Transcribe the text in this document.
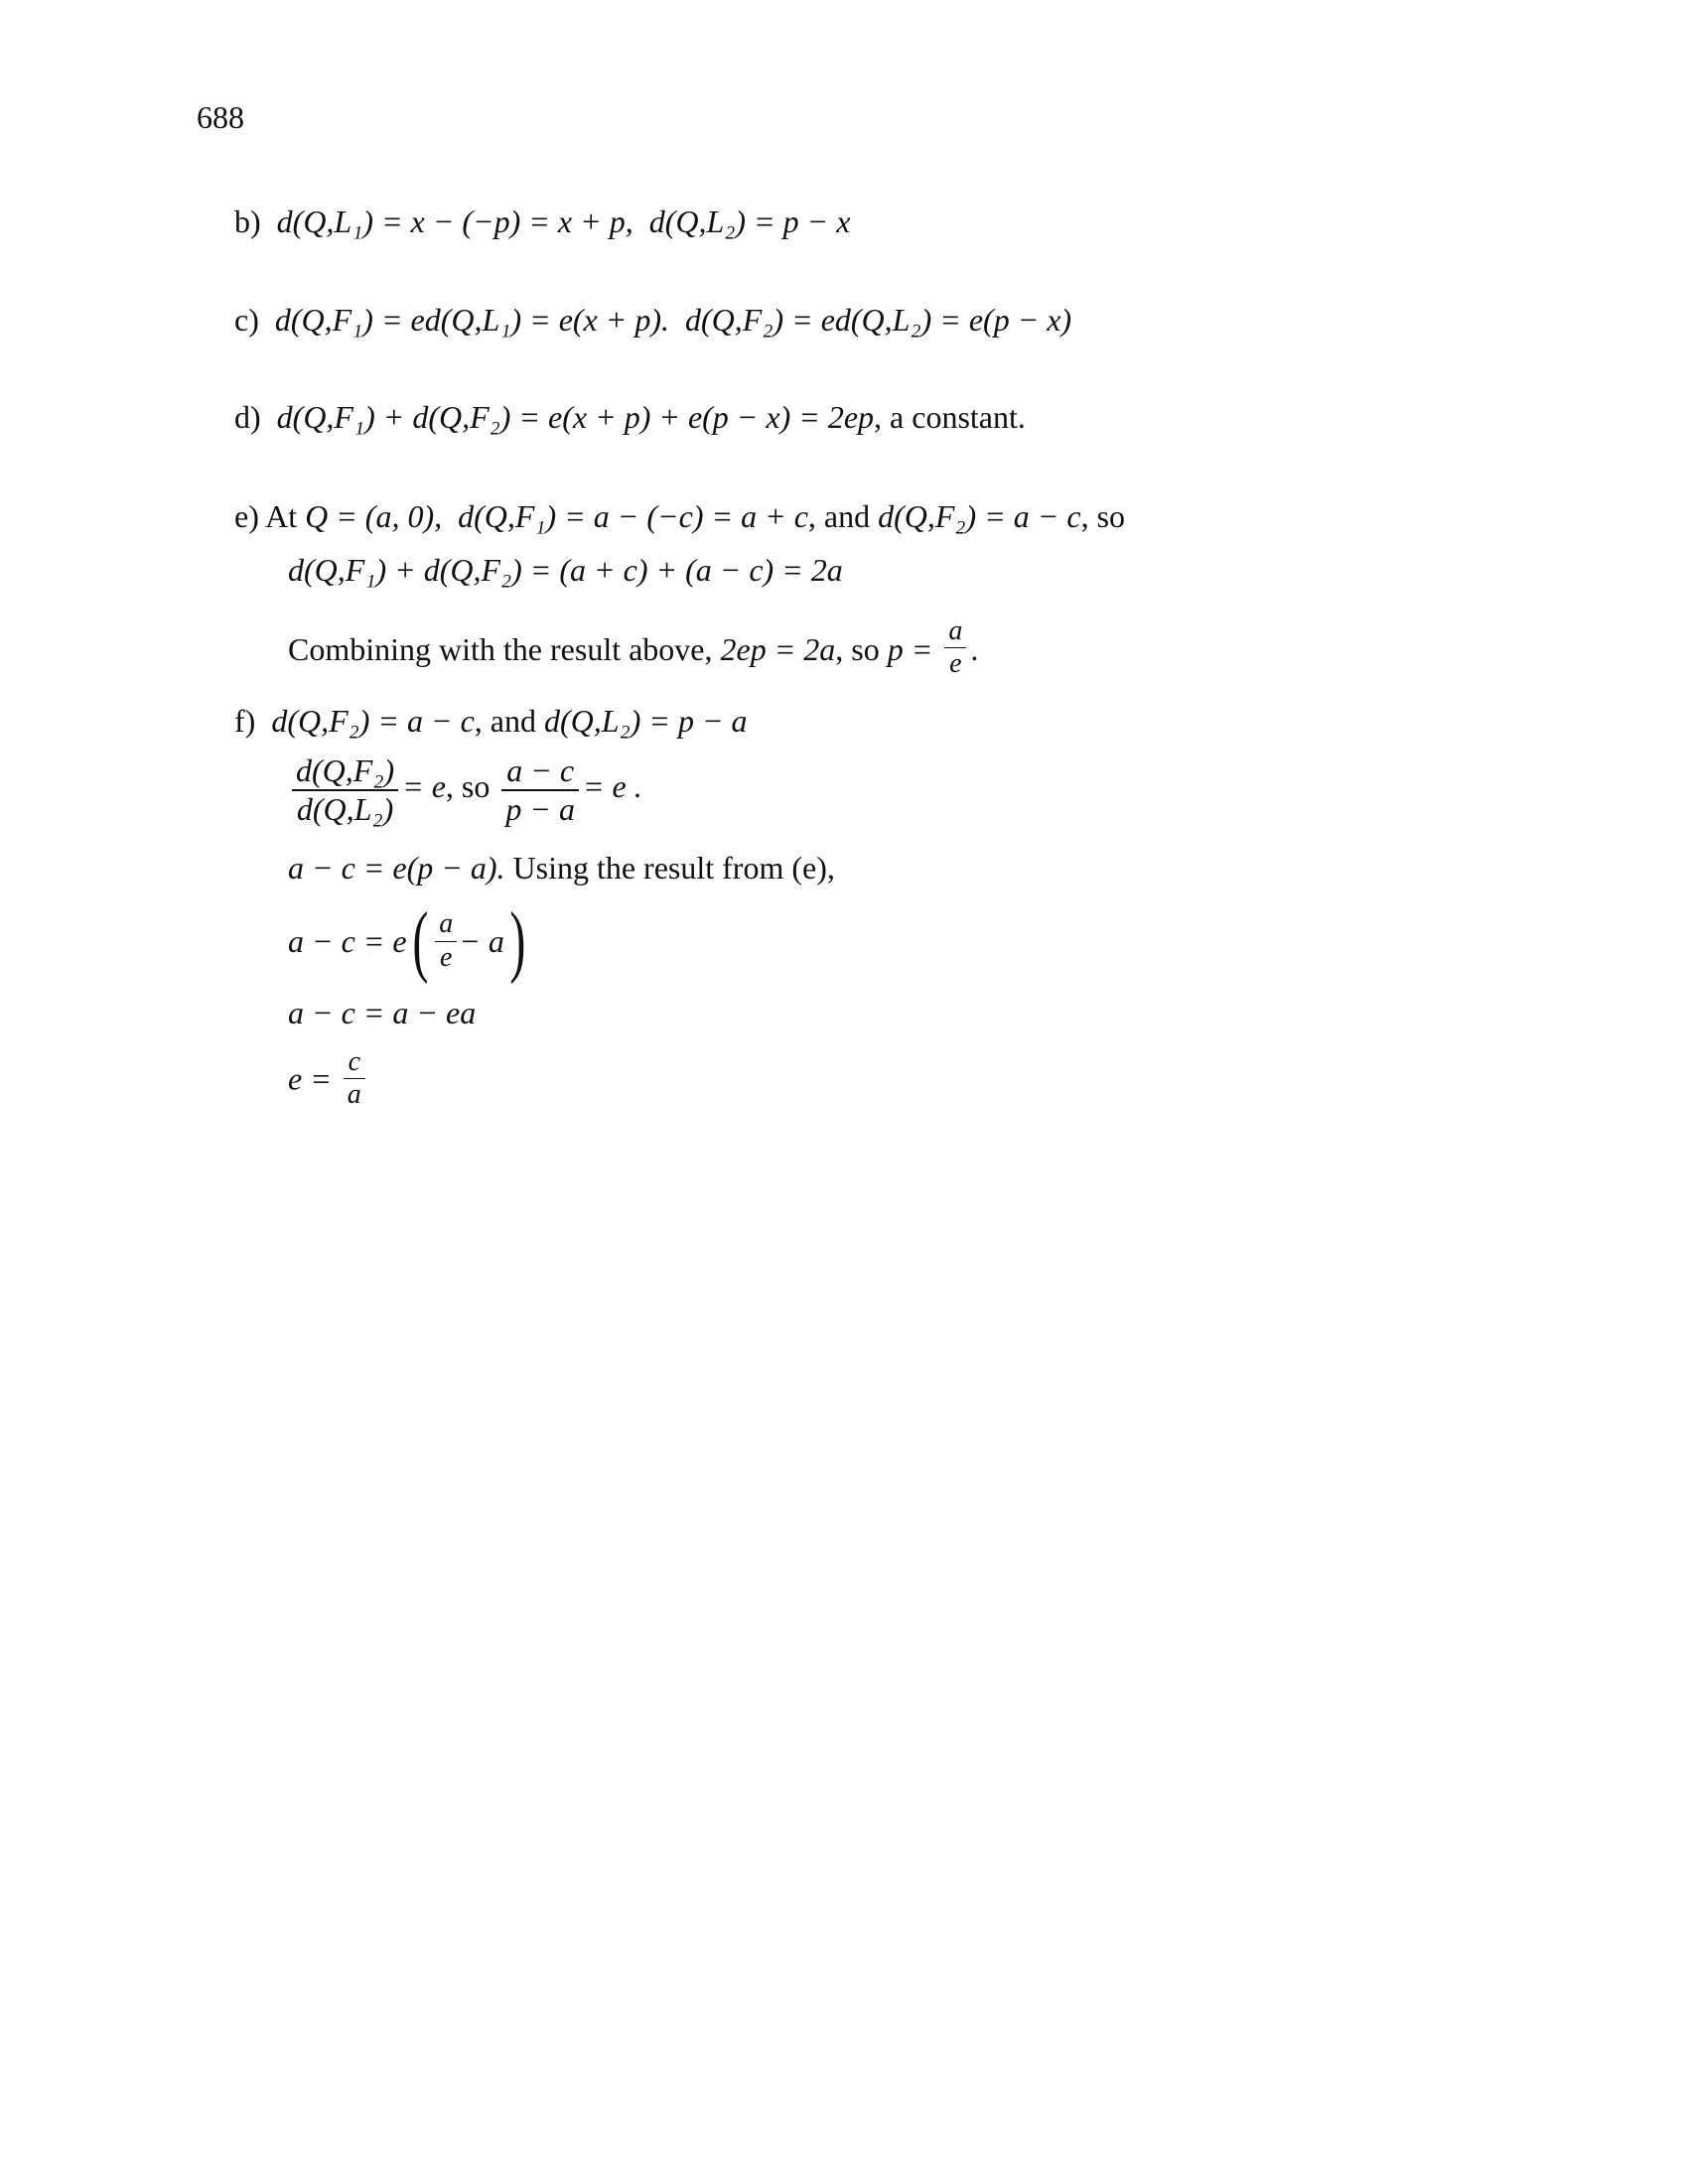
688
b) d(Q,L₁) = x − (−p) = x + p, d(Q,L₂) = p − x
c) d(Q,F₁) = ed(Q,L₁) = e(x + p). d(Q,F₂) = ed(Q,L₂) = e(p − x)
d) d(Q,F₁) + d(Q,F₂) = e(x + p) + e(p − x) = 2ep, a constant.
e) At Q = (a, 0), d(Q,F₁) = a − (−c) = a + c, and d(Q,F₂) = a − c, so
d(Q,F₁) + d(Q,F₂) = (a + c) + (a − c) = 2a
Combining with the result above, 2ep = 2a, so $p = \frac{a}{e}$ .
f) d(Q,F₂) = a − c, and d(Q,L₂) = p − a
$\frac{\text{d(Q,F₂)}}{\text{d(Q,L₂)}} = e$, so $\frac{a - c}{p - a} = e$ .
a − c = e(p − a). Using the result from (e),
$a - c = e( \frac{a}{e} - a)$
a − c = a − ea
$e = \frac{c}{a}$
